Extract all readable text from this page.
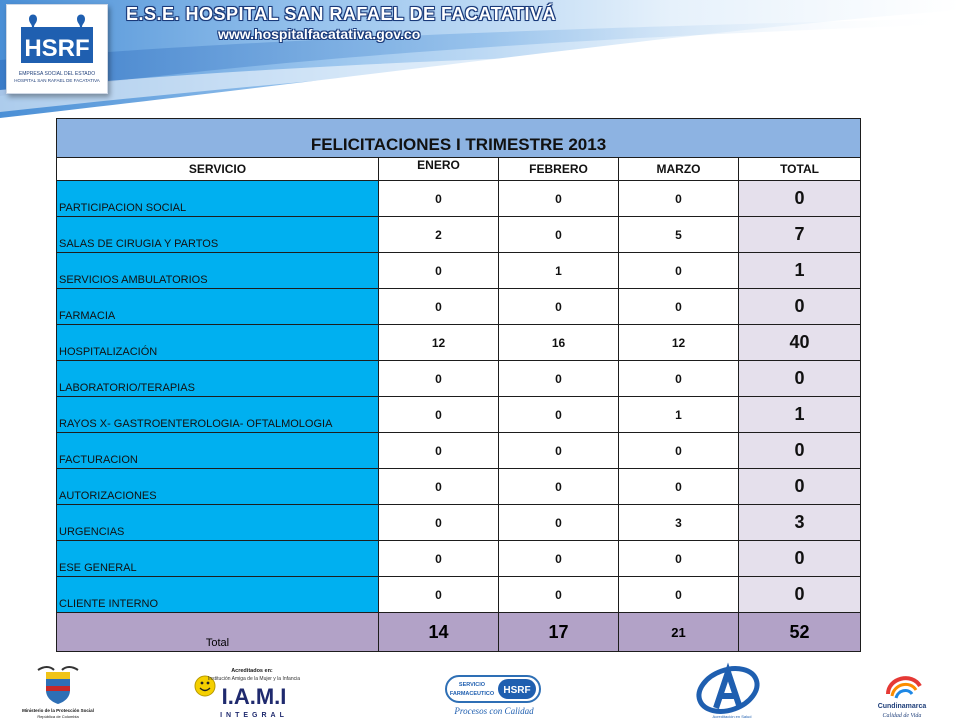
HSRF
EMPRESA SOCIAL DEL ESTADO
HOSPITAL SAN RAFAEL DE FACATATIVA
E.S.E. HOSPITAL SAN RAFAEL DE FACATATIVÁ
www.hospitalfacatativa.gov.co
FELICITACIONES I TRIMESTRE 2013				
SERVICIO	ENERO	FEBRERO	MARZO	TOTAL
PARTICIPACION SOCIAL	0	0	0	0
SALAS DE CIRUGIA Y PARTOS	2	0	5	7
SERVICIOS AMBULATORIOS	0	1	0	1
FARMACIA	0	0	0	0
HOSPITALIZACIÓN	12	16	12	40
LABORATORIO/TERAPIAS	0	0	0	0
RAYOS X- GASTROENTEROLOGIA- OFTALMOLOGIA	0	0	1	1
FACTURACION	0	0	0	0
AUTORIZACIONES	0	0	0	0
URGENCIAS	0	0	3	3
ESE GENERAL	0	0	0	0
CLIENTE INTERNO	0	0	0	0
Total	14	17	21	52
Ministerio de la Protección Social
República de Colombia
Acreditados en:
Institución Amiga de la Mujer y la Infancia
I.A.M.I
INTEGRAL
SERVICIO
FARMACEUTICO HSRF
Procesos con Calidad
Acreditación en Salud
Cundinamarca
Calidad de Vida
